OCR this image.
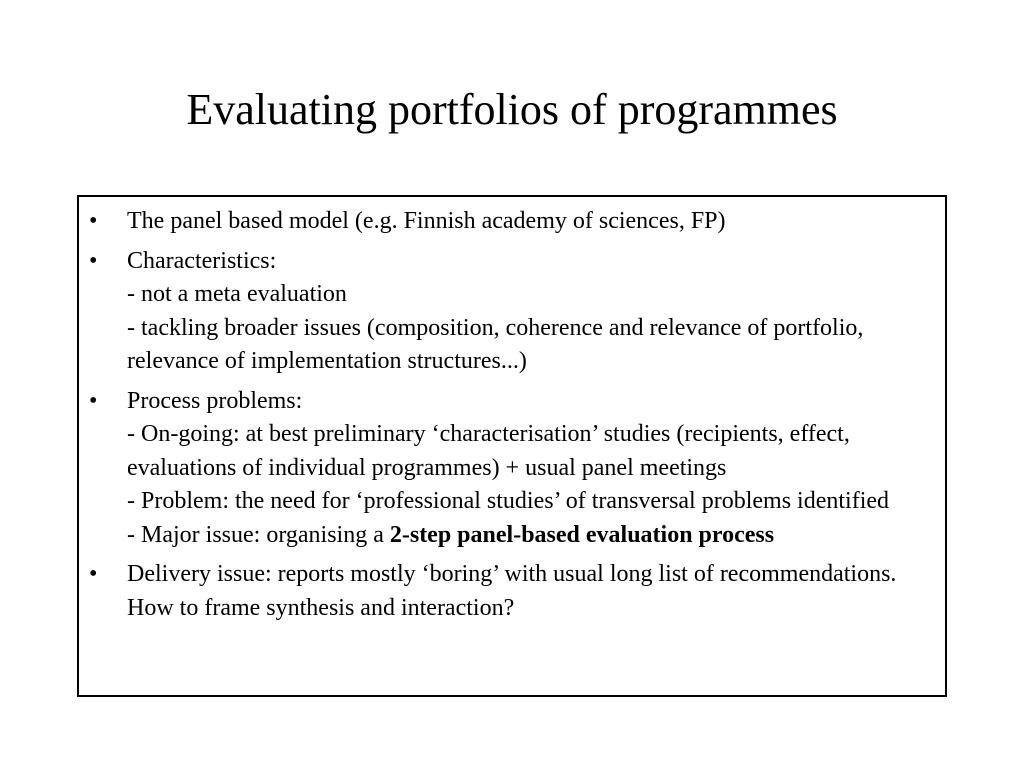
Evaluating portfolios of programmes
• The panel based model (e.g. Finnish academy of sciences, FP)
• Characteristics:
- not a meta evaluation
- tackling broader issues (composition, coherence and relevance of portfolio, relevance of implementation structures...)
• Process problems:
- On-going: at best preliminary ‘characterisation’ studies (recipients, effect, evaluations of individual programmes) + usual panel meetings
- Problem: the need for ‘professional studies’ of transversal problems identified
- Major issue: organising a 2-step panel-based evaluation process
• Delivery issue: reports mostly ‘boring’ with usual long list of recommendations. How to frame synthesis and interaction?
